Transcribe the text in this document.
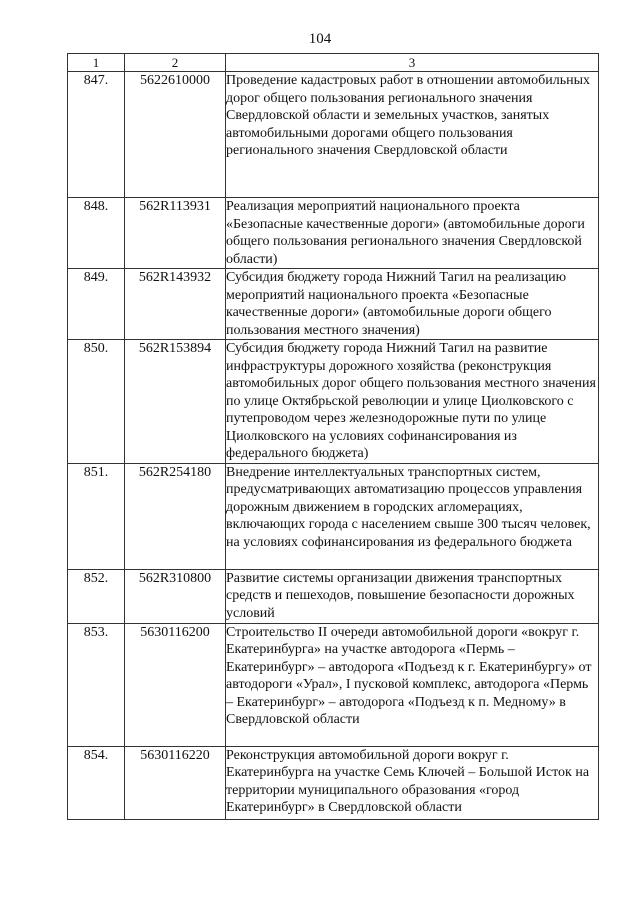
104
1	2	3
847.	5622610000	Проведение кадастровых работ в отношении автомобильных дорог общего пользования регионального значения Свердловской области и земельных участков, занятых автомобильными дорогами общего пользования регионального значения Свердловской области
848.	562R113931	Реализация мероприятий национального проекта «Безопасные качественные дороги» (автомобильные дороги общего пользования регионального значения Свердловской области)
849.	562R143932	Субсидия бюджету города Нижний Тагил на реализацию мероприятий национального проекта «Безопасные качественные дороги» (автомобильные дороги общего пользования местного значения)
850.	562R153894	Субсидия бюджету города Нижний Тагил на развитие инфраструктуры дорожного хозяйства (реконструкция автомобильных дорог общего пользования местного значения по улице Октябрьской революции и улице Циолковского с путепроводом через железнодорожные пути по улице Циолковского на условиях софинансирования из федерального бюджета)
851.	562R254180	Внедрение интеллектуальных транспортных систем, предусматривающих автоматизацию процессов управления дорожным движением в городских агломерациях, включающих города с населением свыше 300 тысяч человек, на условиях софинансирования из федерального бюджета
852.	562R310800	Развитие системы организации движения транспортных средств и пешеходов, повышение безопасности дорожных условий
853.	5630116200	Строительство II очереди автомобильной дороги «вокруг г. Екатеринбурга» на участке автодорога «Пермь – Екатеринбург» – автодорога «Подъезд к г. Екатеринбургу» от автодороги «Урал», I пусковой комплекс, автодорога «Пермь – Екатеринбург» – автодорога «Подъезд к п. Медному» в Свердловской области
854.	5630116220	Реконструкция автомобильной дороги вокруг г. Екатеринбурга на участке Семь Ключей – Большой Исток на территории муниципального образования «город Екатеринбург» в Свердловской области
